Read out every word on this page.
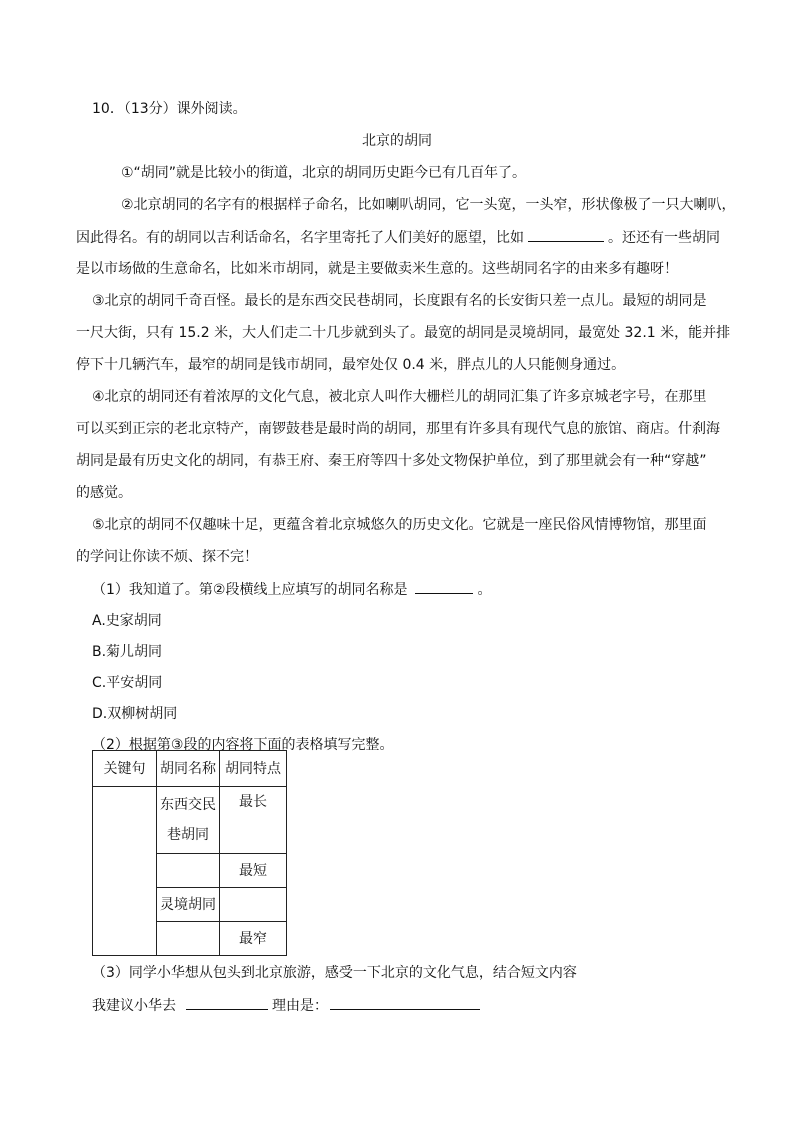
10．（13分）课外阅读。
北京的胡同
①“胡同”就是比较小的街道，北京的胡同历史距今已有几百年了。
②北京胡同的名字有的根据样子命名，比如喇叭胡同，它一头宽，一头窄，形状像极了一只大喇叭，
因此得名。有的胡同以吉利话命名，名字里寄托了人们美好的愿望，比如	。还还有一些胡同
是以市场做的生意命名，比如米市胡同，就是主要做卖米生意的。这些胡同名字的由来多有趣呀！
③北京的胡同千奇百怪。最长的是东西交民巷胡同，长度跟有名的长安街只差一点儿。最短的胡同是
一尺大街，只有 15.2 米，大人们走二十几步就到头了。最宽的胡同是灵境胡同，最宽处 32.1 米，能并排
停下十几辆汽车，最窄的胡同是钱市胡同，最窄处仅 0.4 米，胖点儿的人只能侧身通过。
④北京的胡同还有着浓厚的文化气息，被北京人叫作大栅栏儿的胡同汇集了许多京城老字号，在那里
可以买到正宗的老北京特产，南锣鼓巷是最时尚的胡同，那里有许多具有现代气息的旅馆、商店。什刹海
胡同是最有历史文化的胡同，有恭王府、秦王府等四十多处文物保护单位，到了那里就会有一种“穿越”
的感觉。
⑤北京的胡同不仅趣味十足，更蕴含着北京城悠久的历史文化。它就是一座民俗风情博物馆，那里面
的学问让你读不烦、探不完！
（1）我知道了。第②段横线上应填写的胡同名称是	。
A.史家胡同
B.菊儿胡同
C.平安胡同
D.双柳树胡同
（2）根据第③段的内容将下面的表格填写完整。
关键句	胡同名称	胡同特点

	东西交民
巷胡同	最长
		最短
	灵境胡同	
		最窄
（3）同学小华想从包头到北京旅游，感受一下北京的文化气息，结合短文内容
我建议小华去	理由是：
